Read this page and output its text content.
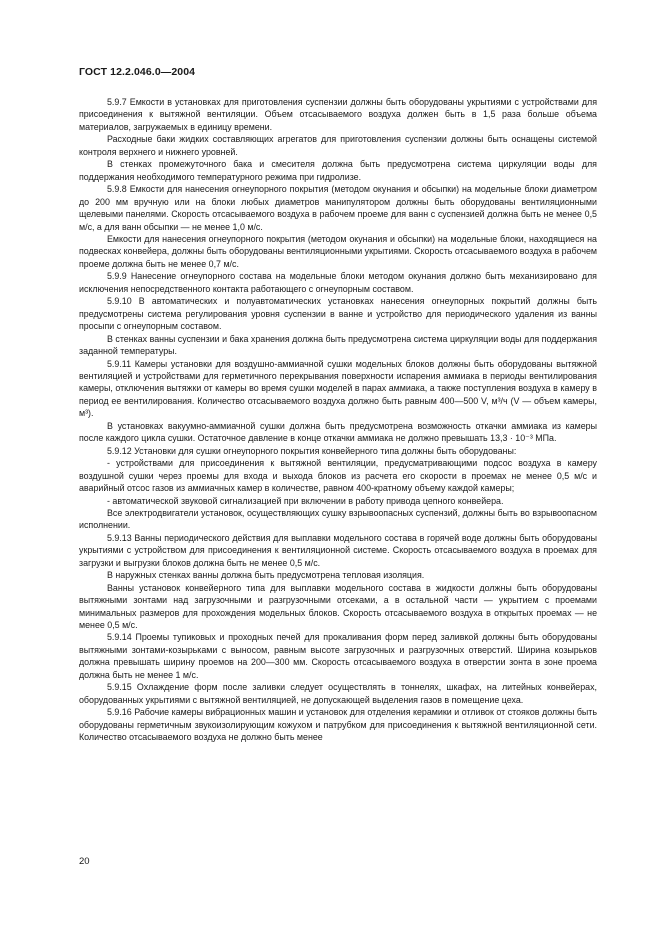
ГОСТ 12.2.046.0—2004

5.9.7 Емкости в установках для приготовления суспензии должны быть оборудованы укрытиями с устройствами для присоединения к вытяжной вентиляции. Объем отсасываемого воздуха должен быть в 1,5 раза больше объема материалов, загружаемых в единицу времени.

Расходные баки жидких составляющих агрегатов для приготовления суспензии должны быть оснащены системой контроля верхнего и нижнего уровней.

В стенках промежуточного бака и смесителя должна быть предусмотрена система циркуляции воды для поддержания необходимого температурного режима при гидролизе.

5.9.8 Емкости для нанесения огнеупорного покрытия (методом окунания и обсыпки) на модельные блоки диаметром до 200 мм вручную или на блоки любых диаметров манипулятором должны быть оборудованы вентиляционными щелевыми панелями. Скорость отсасываемого воздуха в рабочем проеме для ванн с суспензией должна быть не менее 0,5 м/с, а для ванн обсыпки — не менее 1,0 м/с.

Емкости для нанесения огнеупорного покрытия (методом окунания и обсыпки) на модельные блоки, находящиеся на подвесках конвейера, должны быть оборудованы вентиляционными укрытиями. Скорость отсасываемого воздуха в рабочем проеме должна быть не менее 0,7 м/с.

5.9.9 Нанесение огнеупорного состава на модельные блоки методом окунания должно быть механизировано для исключения непосредственного контакта работающего с огнеупорным составом.

5.9.10 В автоматических и полуавтоматических установках нанесения огнеупорных покрытий должны быть предусмотрены система регулирования уровня суспензии в ванне и устройство для периодического удаления из ванны просыпи с огнеупорным составом.

В стенках ванны суспензии и бака хранения должна быть предусмотрена система циркуляции воды для поддержания заданной температуры.

5.9.11 Камеры установки для воздушно-аммиачной сушки модельных блоков должны быть оборудованы вытяжной вентиляцией и устройствами для герметичного перекрывания поверхности испарения аммиака в периоды вентилирования камеры, отключения вытяжки от камеры во время сушки моделей в парах аммиака, а также поступления воздуха в камеру в период ее вентилирования. Количество отсасываемого воздуха должно быть равным 400—500 V, м³/ч (V — объем камеры, м³).

В установках вакуумно-аммиачной сушки должна быть предусмотрена возможность откачки аммиака из камеры после каждого цикла сушки. Остаточное давление в конце откачки аммиака не должно превышать 13,3 · 10⁻³ МПа.

5.9.12 Установки для сушки огнеупорного покрытия конвейерного типа должны быть оборудованы:

- устройствами для присоединения к вытяжной вентиляции, предусматривающими подсос воздуха в камеру воздушной сушки через проемы для входа и выхода блоков из расчета его скорости в проемах не менее 0,5 м/с и аварийный отсос газов из аммиачных камер в количестве, равном 400-кратному объему каждой камеры;

- автоматической звуковой сигнализацией при включении в работу привода цепного конвейера.

Все электродвигатели установок, осуществляющих сушку взрывоопасных суспензий, должны быть во взрывоопасном исполнении.

5.9.13 Ванны периодического действия для выплавки модельного состава в горячей воде должны быть оборудованы укрытиями с устройством для присоединения к вентиляционной системе. Скорость отсасываемого воздуха в проемах для загрузки и выгрузки блоков должна быть не менее 0,5 м/с.

В наружных стенках ванны должна быть предусмотрена тепловая изоляция.

Ванны установок конвейерного типа для выплавки модельного состава в жидкости должны быть оборудованы вытяжными зонтами над загрузочными и разгрузочными отсеками, а в остальной части — укрытием с проемами минимальных размеров для прохождения модельных блоков. Скорость отсасываемого воздуха в открытых проемах — не менее 0,5 м/с.

5.9.14 Проемы тупиковых и проходных печей для прокаливания форм перед заливкой должны быть оборудованы вытяжными зонтами-козырьками с выносом, равным высоте загрузочных и разгрузочных отверстий. Ширина козырьков должна превышать ширину проемов на 200—300 мм. Скорость отсасываемого воздуха в отверстии зонта в зоне проема должна быть не менее 1 м/с.

5.9.15 Охлаждение форм после заливки следует осуществлять в тоннелях, шкафах, на литейных конвейерах, оборудованных укрытиями с вытяжной вентиляцией, не допускающей выделения газов в помещение цеха.

5.9.16 Рабочие камеры вибрационных машин и установок для отделения керамики и отливок от стояков должны быть оборудованы герметичным звукоизолирующим кожухом и патрубком для присоединения к вытяжной вентиляционной сети. Количество отсасываемого воздуха не должно быть менее

20
